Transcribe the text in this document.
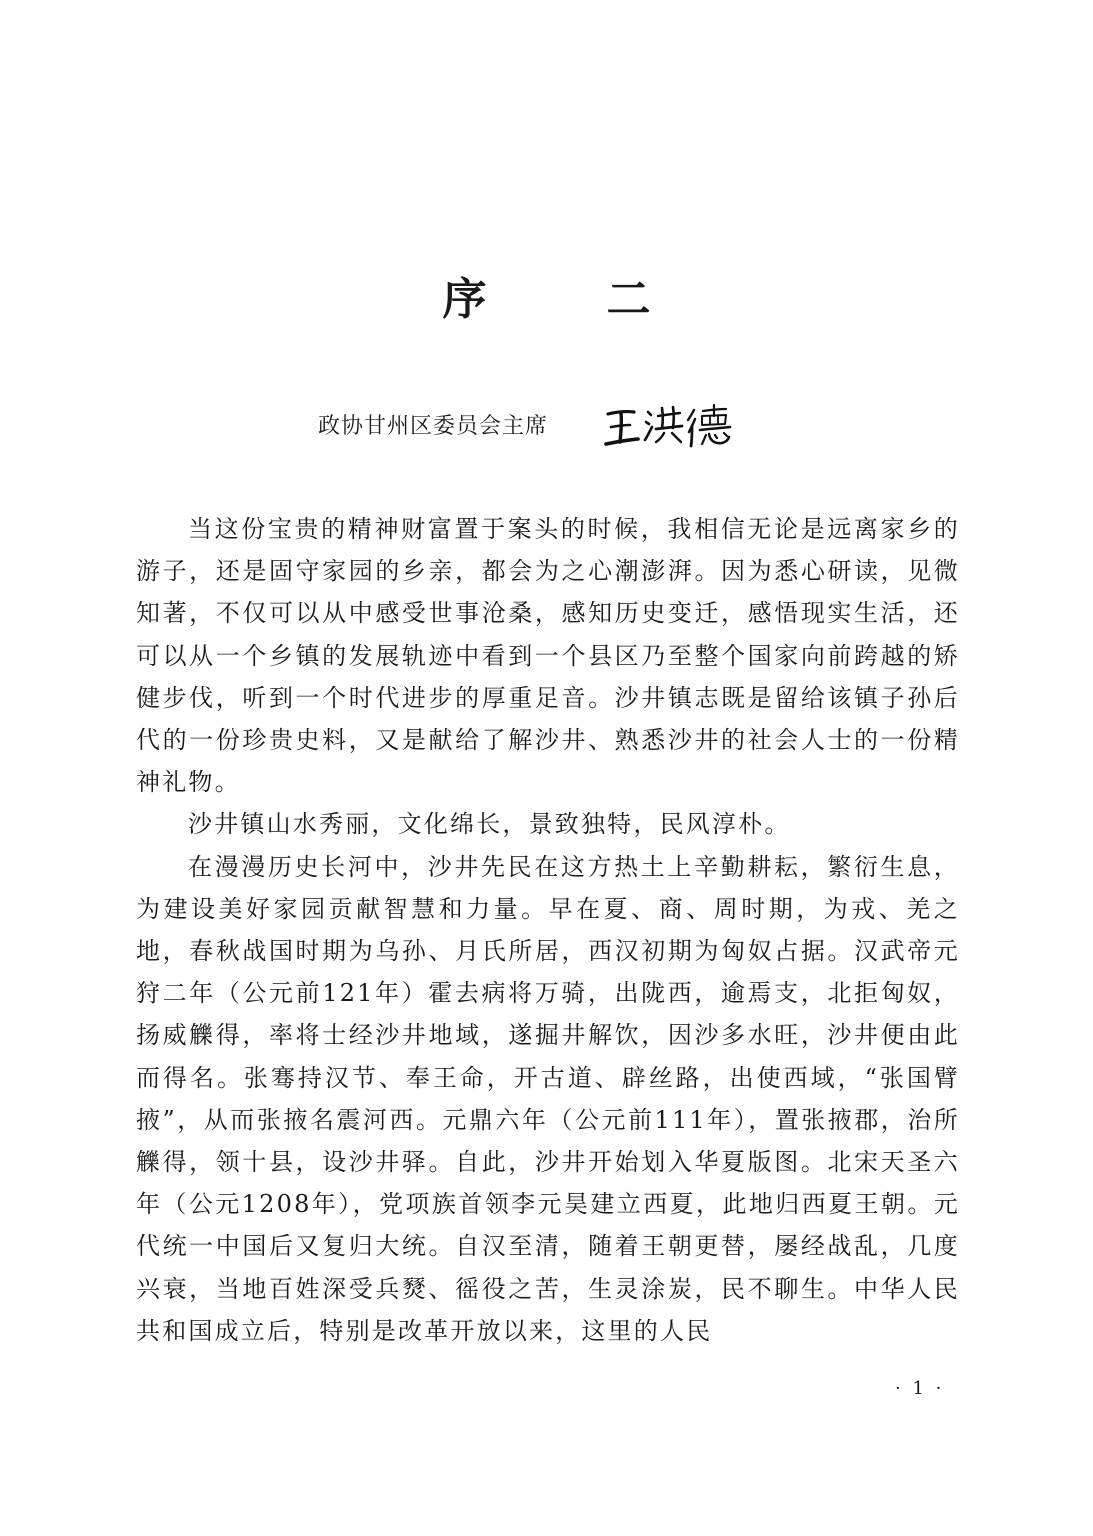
序	二
政协甘州区委员会主席

当这份宝贵的精神财富置于案头的时候，我相信无论是远离家乡的游子，还是固守家园的乡亲，都会为之心潮澎湃。因为悉心研读，见微知著，不仅可以从中感受世事沧桑，感知历史变迁，感悟现实生活，还可以从一个乡镇的发展轨迹中看到一个县区乃至整个国家向前跨越的矫健步伐，听到一个时代进步的厚重足音。沙井镇志既是留给该镇子孙后代的一份珍贵史料，又是献给了解沙井、熟悉沙井的社会人士的一份精神礼物。

沙井镇山水秀丽，文化绵长，景致独特，民风淳朴。

在漫漫历史长河中，沙井先民在这方热土上辛勤耕耘，繁衍生息，为建设美好家园贡献智慧和力量。早在夏、商、周时期，为戎、羌之地，春秋战国时期为乌孙、月氏所居，西汉初期为匈奴占据。汉武帝元狩二年（公元前121年）霍去病将万骑，出陇西，逾焉支，北拒匈奴，扬威觻得，率将士经沙井地域，遂掘井解饮，因沙多水旺，沙井便由此而得名。张骞持汉节、奉王命，开古道、辟丝路，出使西域，“张国臂掖”，从而张掖名震河西。元鼎六年（公元前111年），置张掖郡，治所觻得，领十县，设沙井驿。自此，沙井开始划入华夏版图。北宋天圣六年（公元1208年），党项族首领李元昊建立西夏，此地归西夏王朝。元代统一中国后又复归大统。自汉至清，随着王朝更替，屡经战乱，几度兴衰，当地百姓深受兵燹、徭役之苦，生灵涂炭，民不聊生。中华人民共和国成立后，特别是改革开放以来，这里的人民

· 1 ·
